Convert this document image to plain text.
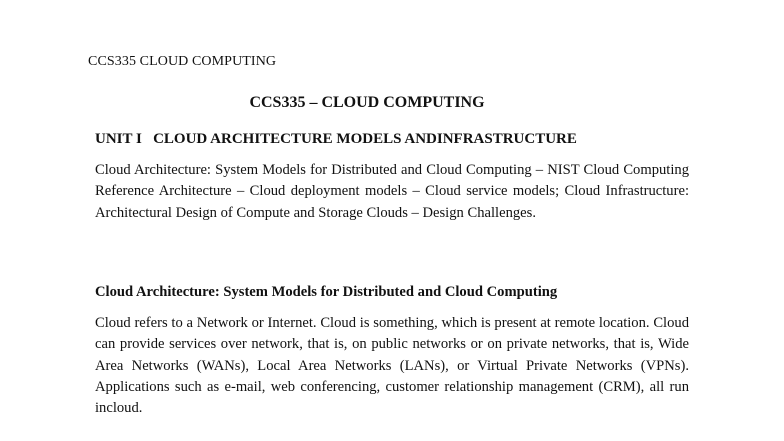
CCS335 CLOUD COMPUTING
CCS335 – CLOUD COMPUTING
UNIT I   CLOUD ARCHITECTURE MODELS ANDINFRASTRUCTURE

Cloud Architecture: System Models for Distributed and Cloud Computing – NIST Cloud Computing Reference Architecture – Cloud deployment models – Cloud service models; Cloud Infrastructure: Architectural Design of Compute and Storage Clouds – Design Challenges.

Cloud Architecture: System Models for Distributed and Cloud Computing

Cloud refers to a Network or Internet. Cloud is something, which is present at remote location. Cloud can provide services over network, that is, on public networks or on private networks, that is, Wide Area Networks (WANs), Local Area Networks (LANs), or Virtual Private Networks (VPNs). Applications such as e-mail, web conferencing, customer relationship management (CRM), all run incloud.
